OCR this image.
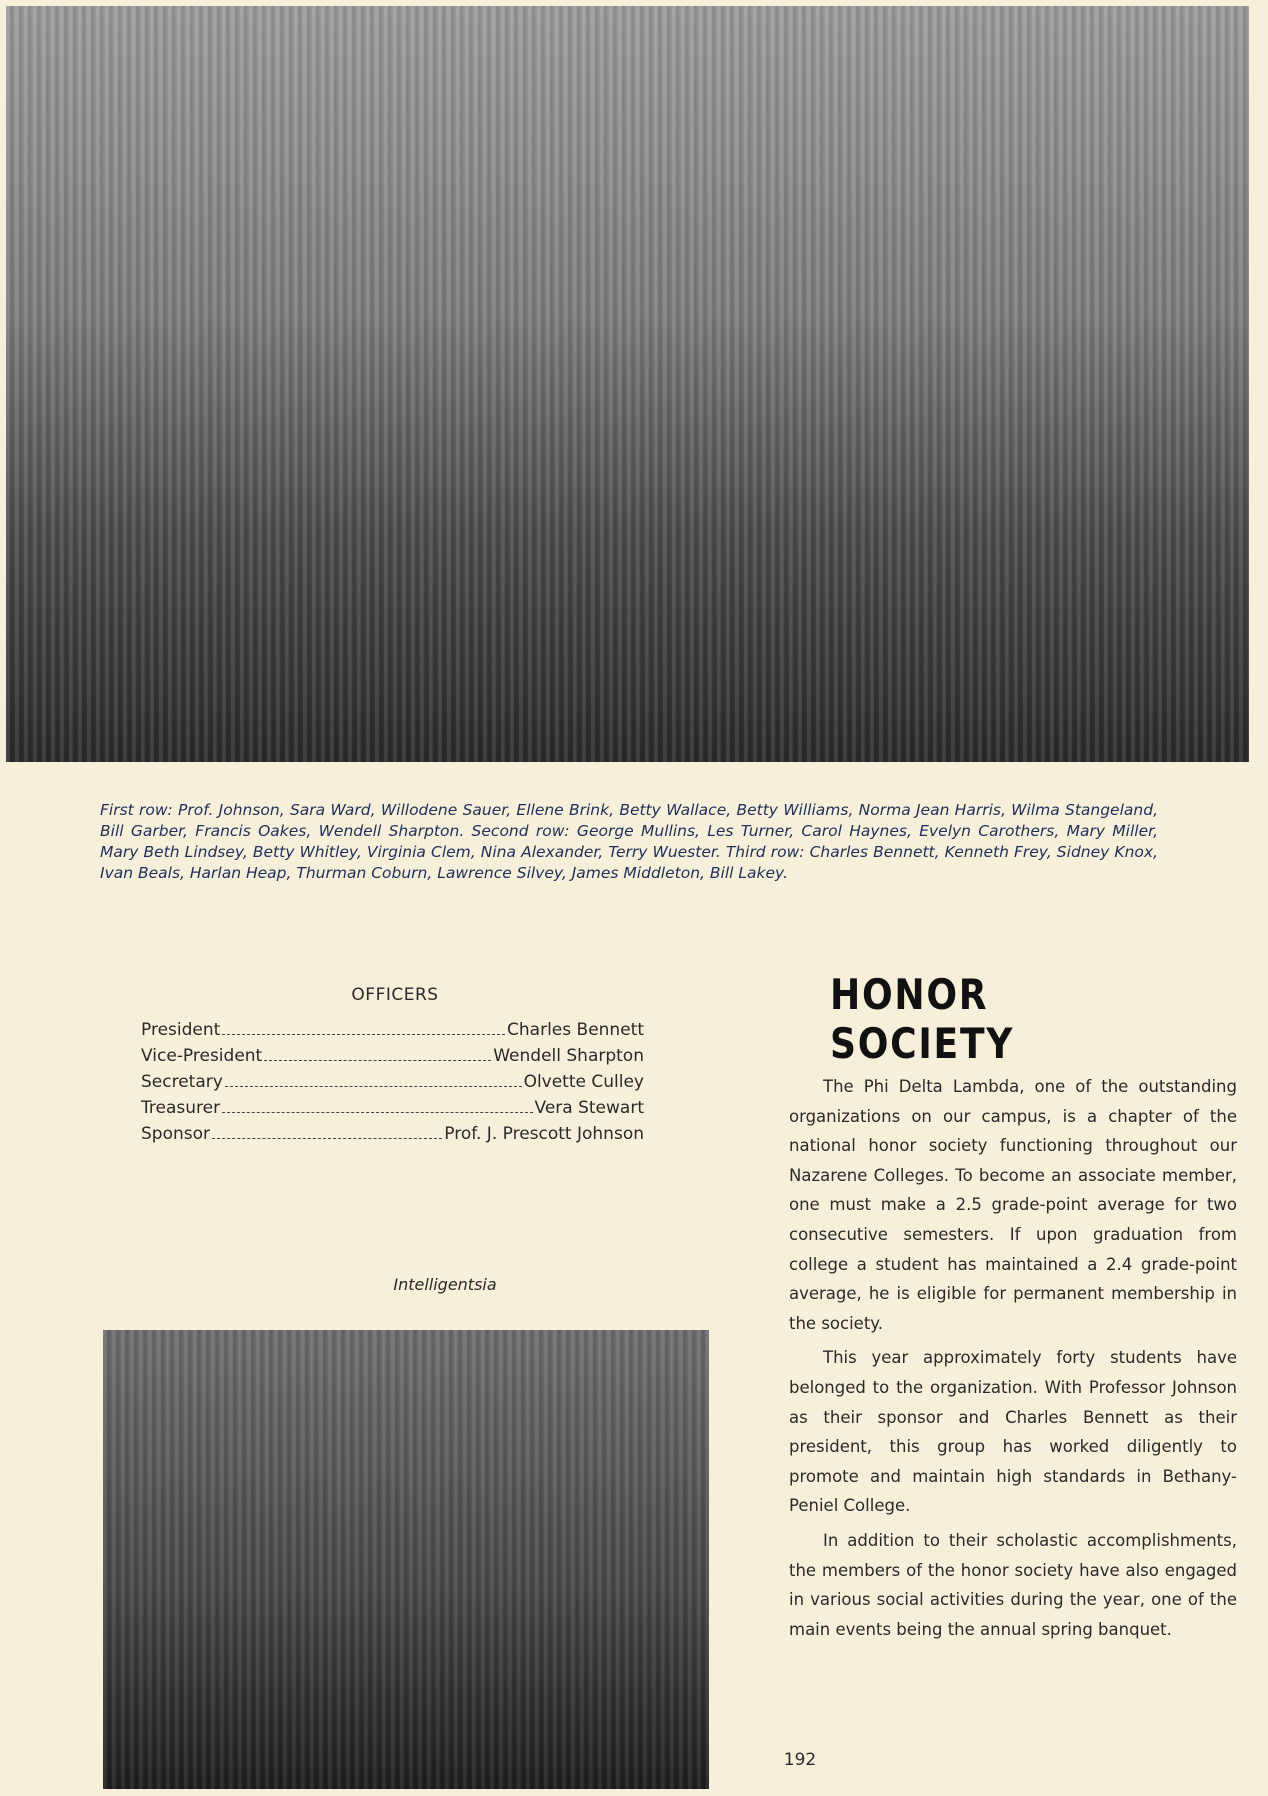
First row: Prof. Johnson, Sara Ward, Willodene Sauer, Ellene Brink, Betty Wallace, Betty Williams, Norma Jean Harris, Wilma Stangeland, Bill Garber, Francis Oakes, Wendell Sharpton. Second row: George Mullins, Les Turner, Carol Haynes, Evelyn Carothers, Mary Miller, Mary Beth Lindsey, Betty Whitley, Virginia Clem, Nina Alexander, Terry Wuester. Third row: Charles Bennett, Kenneth Frey, Sidney Knox, Ivan Beals, Harlan Heap, Thurman Coburn, Lawrence Silvey, James Middleton, Bill Lakey.
OFFICERS
President	Charles Bennett
Vice-President	Wendell Sharpton
Secretary	Olvette Culley
Treasurer	Vera Stewart
Sponsor	Prof. J. Prescott Johnson
Intelligentsia
HONOR SOCIETY

The Phi Delta Lambda, one of the outstanding organizations on our campus, is a chapter of the national honor society functioning throughout our Nazarene Colleges. To become an associate member, one must make a 2.5 grade-point average for two consecutive semesters. If upon graduation from college a student has maintained a 2.4 grade-point average, he is eligible for permanent membership in the society.

This year approximately forty students have belonged to the organization. With Professor Johnson as their sponsor and Charles Bennett as their president, this group has worked diligently to promote and maintain high standards in Bethany-Peniel College.

In addition to their scholastic accomplishments, the members of the honor society have also engaged in various social activities during the year, one of the main events being the annual spring banquet.

192
